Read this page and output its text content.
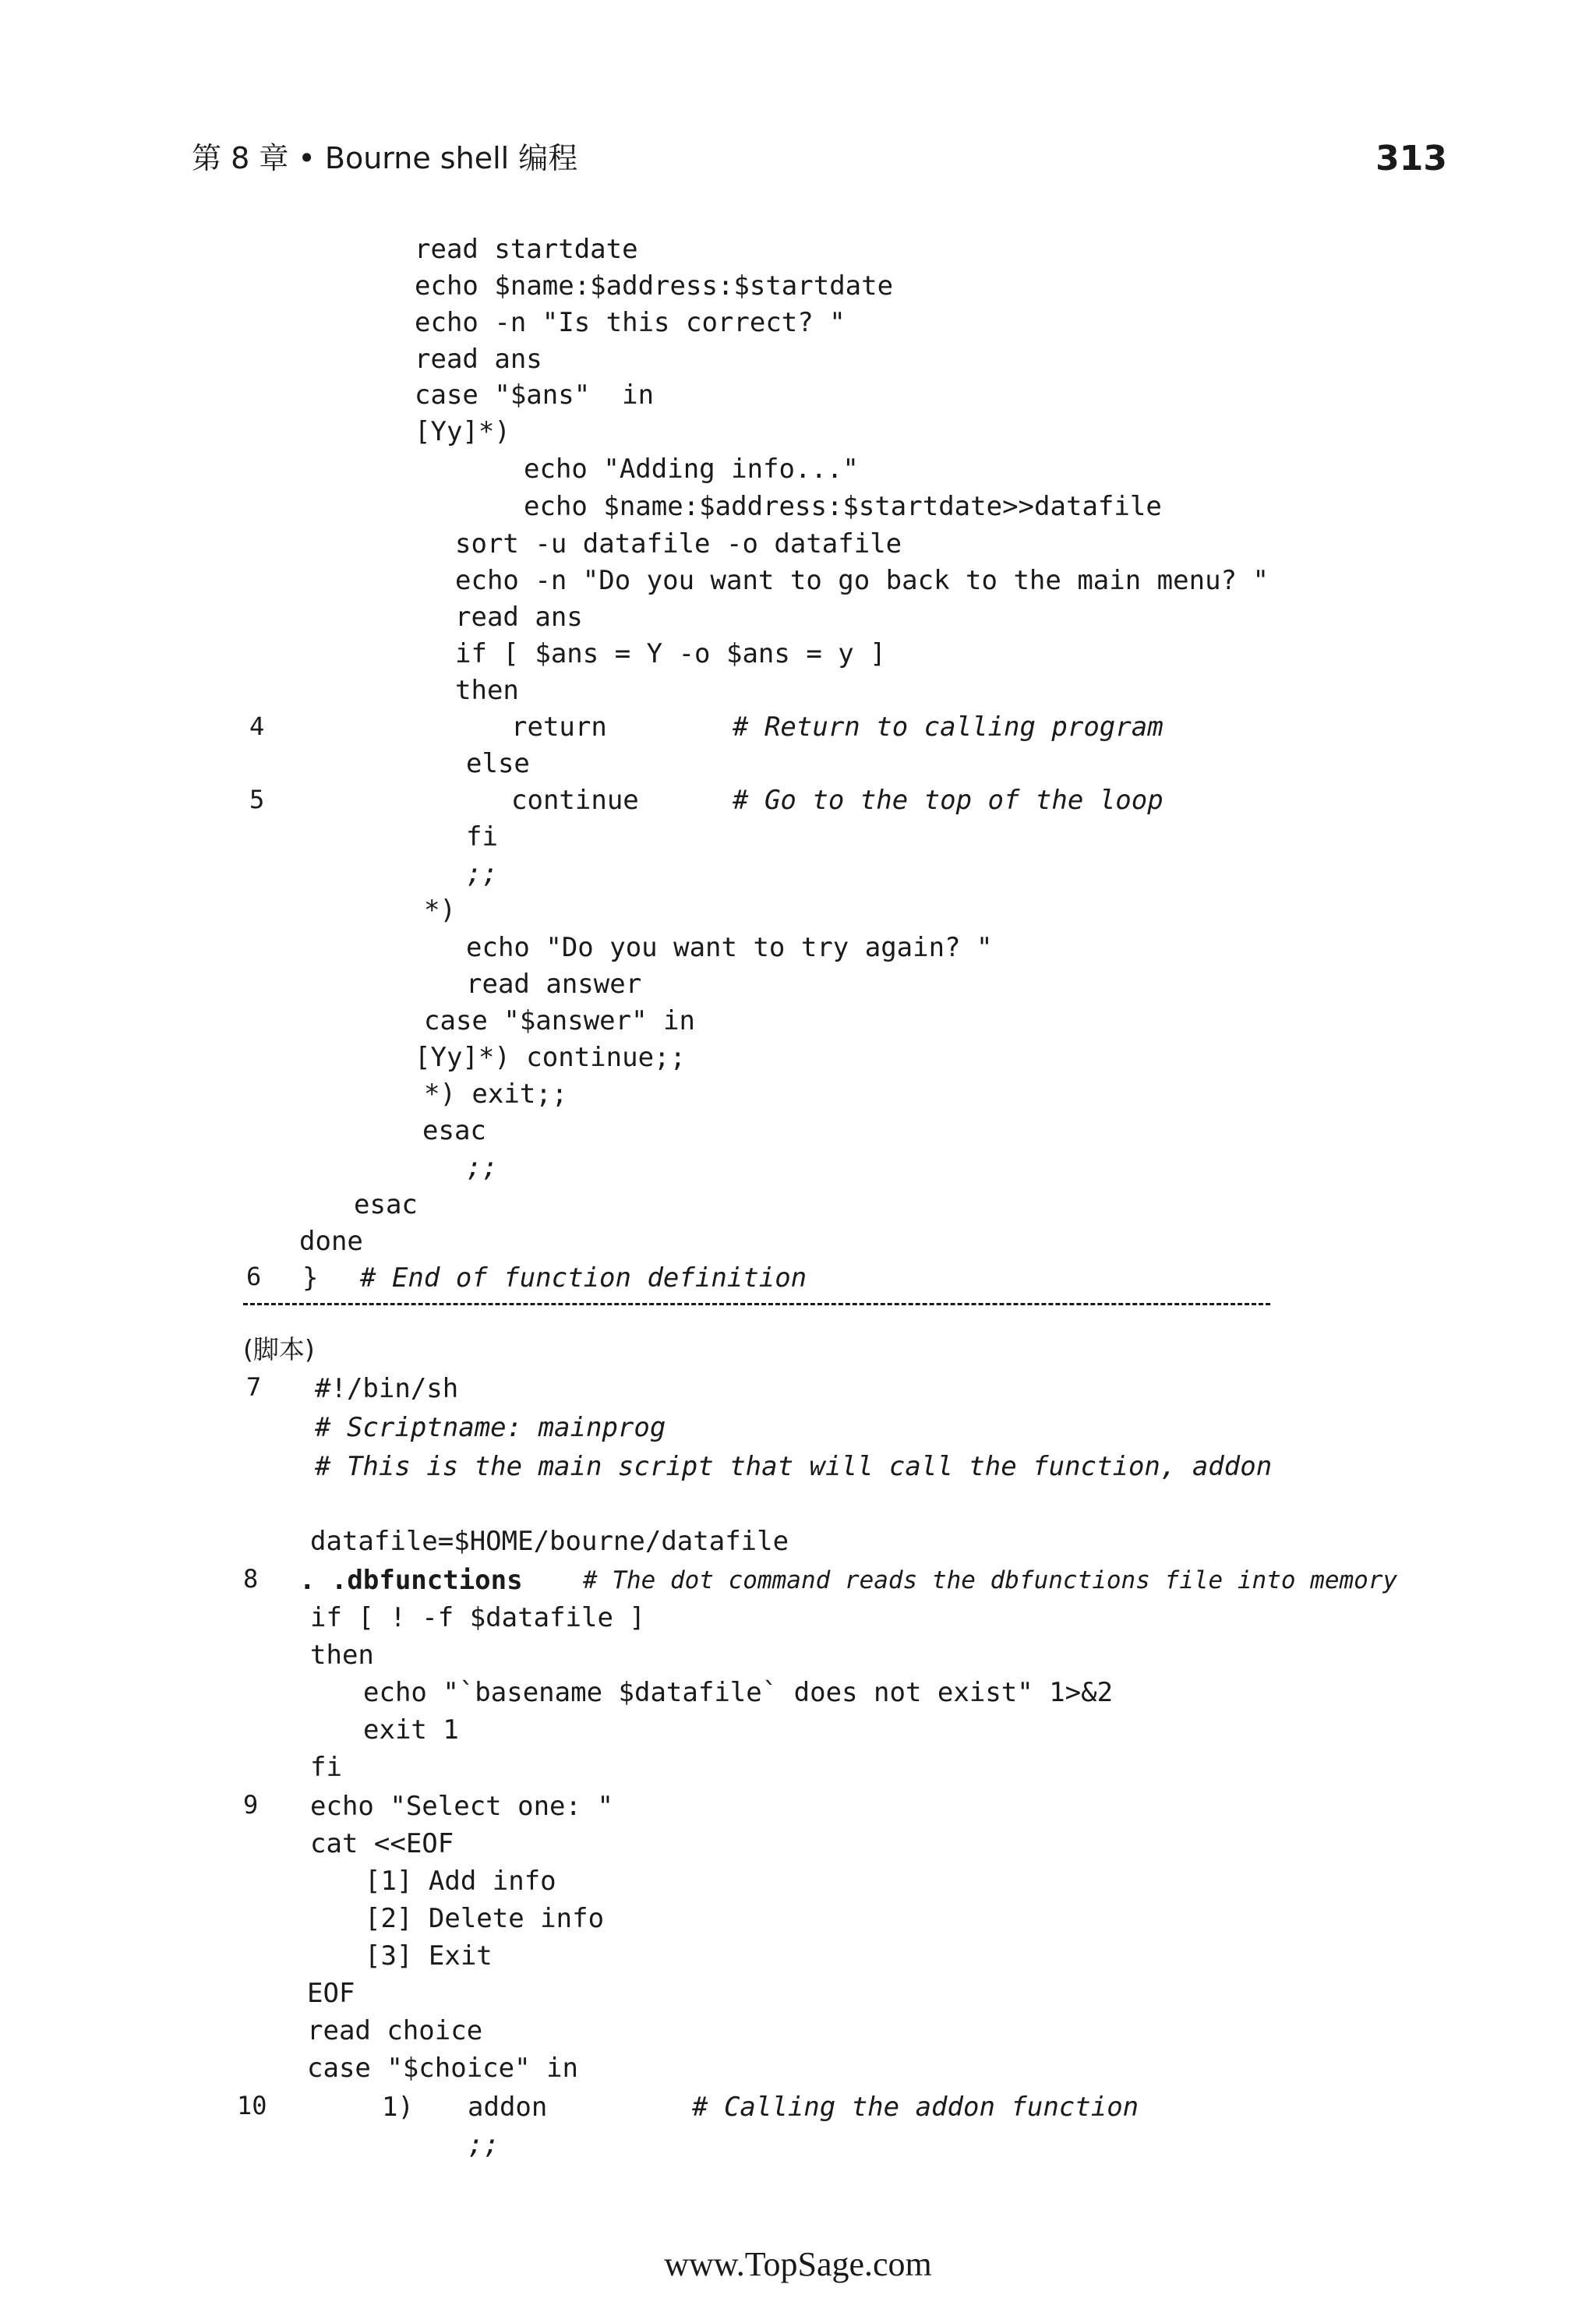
第 8 章 • Bourne shell 编程	313
read startdate
echo $name:$address:$startdate
echo -n "Is this correct? "
read ans
case "$ans"  in
[Yy]*)
echo "Adding info..."
echo $name:$address:$startdate>>datafile
sort -u datafile -o datafile
echo -n "Do you want to go back to the main menu? "
read ans
if [ $ans = Y -o $ans = y ]
then
4	return	# Return to calling program
else
5	continue	# Go to the top of the loop
fi
;;
*)
echo "Do you want to try again? "
read answer
case "$answer" in
[Yy]*) continue;;
*) exit;;
esac
;;
esac
done
6 } # End of function definition
(脚本)
7 #!/bin/sh
# Scriptname: mainprog
# This is the main script that will call the function, addon
datafile=$HOME/bourne/datafile
8 . .dbfunctions # The dot command reads the dbfunctions file into memory
if [ ! -f $datafile ]
then
echo "`basename $datafile` does not exist" 1>&2
exit 1
fi
9 echo "Select one: "
cat <<EOF
[1] Add info
[2] Delete info
[3] Exit
EOF
read choice
case "$choice" in
10	1) addon	# Calling the addon function
;;
www.TopSage.com
